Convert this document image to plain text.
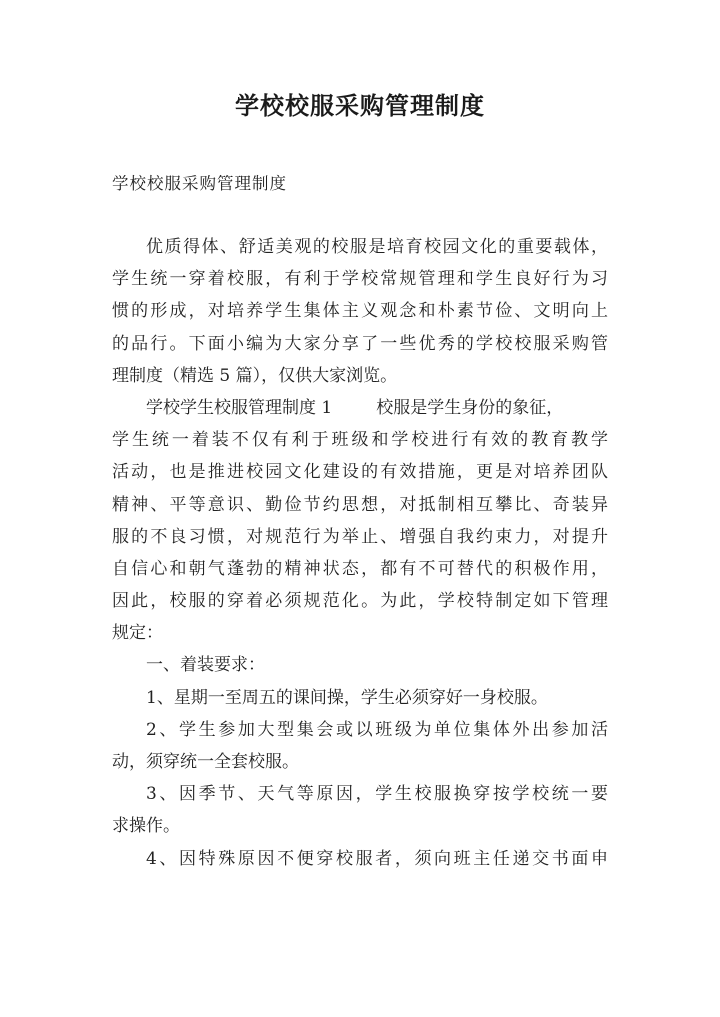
学校校服采购管理制度
学校校服采购管理制度
优质得体、舒适美观的校服是培育校园文化的重要载体，
学生统一穿着校服，有利于学校常规管理和学生良好行为习
惯的形成，对培养学生集体主义观念和朴素节俭、文明向上
的品行。下面小编为大家分享了一些优秀的学校校服采购管
理制度（精选 5 篇），仅供大家浏览。
学校学生校服管理制度 1	校服是学生身份的象征，
学生统一着装不仅有利于班级和学校进行有效的教育教学
活动，也是推进校园文化建设的有效措施，更是对培养团队
精神、平等意识、勤俭节约思想，对抵制相互攀比、奇装异
服的不良习惯，对规范行为举止、增强自我约束力，对提升
自信心和朝气蓬勃的精神状态，都有不可替代的积极作用，
因此，校服的穿着必须规范化。为此，学校特制定如下管理
规定：
一、着装要求：
1、星期一至周五的课间操，学生必须穿好一身校服。
2、学生参加大型集会或以班级为单位集体外出参加活
动，须穿统一全套校服。
3、因季节、天气等原因，学生校服换穿按学校统一要
求操作。
4、因特殊原因不便穿校服者，须向班主任递交书面申
